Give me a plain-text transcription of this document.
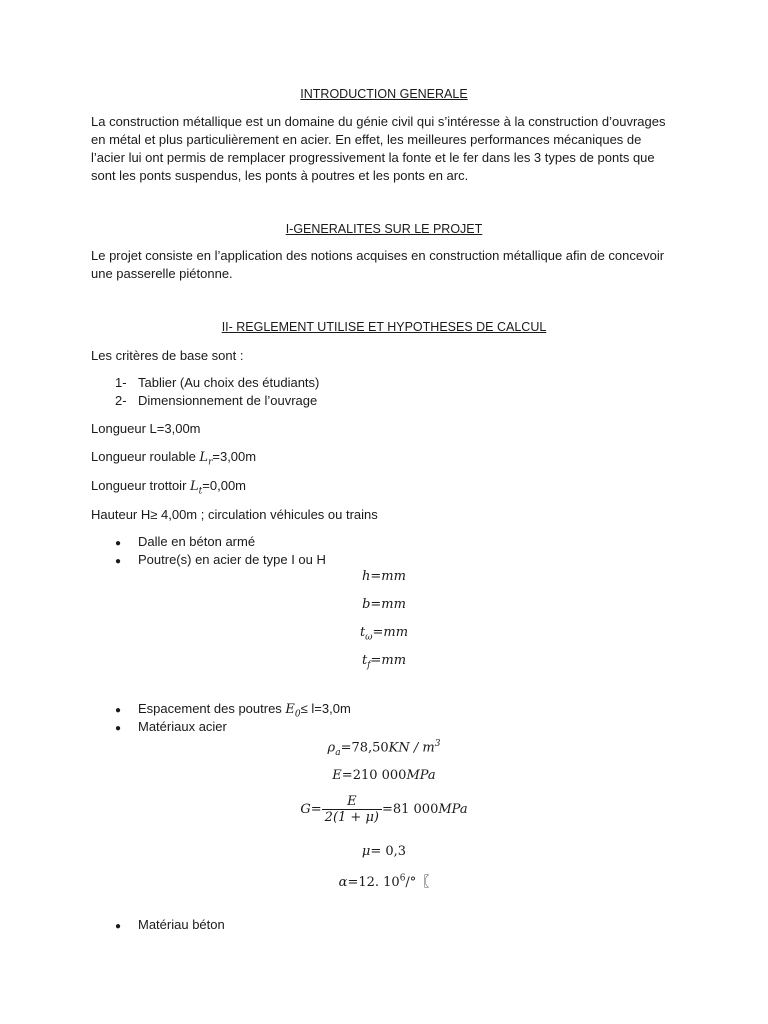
INTRODUCTION GENERALE
La construction métallique est un domaine du génie civil qui s’intéresse à la construction d’ouvrages
en métal et plus particulièrement en acier. En effet, les meilleures performances mécaniques de
l’acier lui ont permis de remplacer progressivement la fonte et le fer dans les 3 types de ponts que
sont les ponts suspendus, les ponts à poutres et les ponts en arc.
I-GENERALITES SUR LE PROJET
Le projet consiste en l’application des notions acquises en construction métallique afin de concevoir
une passerelle piétonne.
II- REGLEMENT UTILISE ET HYPOTHESES DE CALCUL
Les critères de base sont :
1- Tablier (Au choix des étudiants)
2- Dimensionnement de l’ouvrage
Longueur L=3,00m
Longueur roulable $L_r=3,00m$
Longueur trottoir $L_t=0,00m$
Hauteur H≥ 4,00m ; circulation véhicules ou trains
● Dalle en béton armé
● Poutre(s) en acier de type I ou H
h=mm
b=mm
$t_\omega=mm$
$t_f=mm$
● Espacement des poutres $E_0\le l=3,0m$
● Matériaux acier
$\rho_a=78,50KN / m^3$
E=210 000MPa
$G= \frac{E}{2(1 + \mu)} =81$ 000MPa
μ= 0,3
α=12. $10^6/^\circ$〖
● Matériau béton
